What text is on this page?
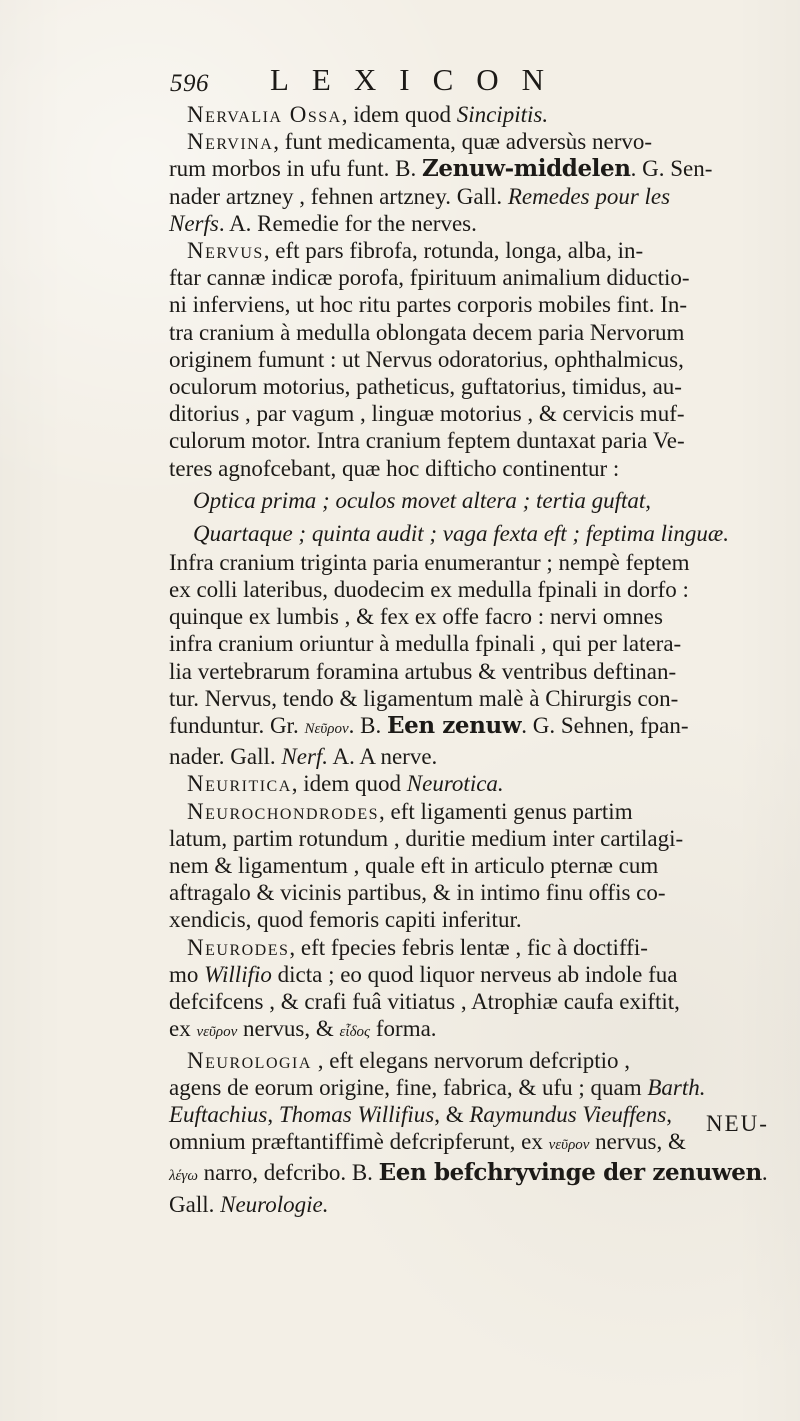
596 LEXICON

Nervalia Ossa, idem quod Sincipitis.

Nervina, funt medicamenta, quæ adversùs nervo-

rum morbos in ufu funt. B. Zenuw-middelen. G. Sen-

nader artzney , fehnen artzney. Gall. Remedes pour les

Nerfs. A. Remedie for the nerves.

Nervus, eft pars fibrofa, rotunda, longa, alba, in-

ftar cannæ indicæ porofa, fpirituum animalium diductio-

ni inferviens, ut hoc ritu partes corporis mobiles fint. In-

tra cranium à medulla oblongata decem paria Nervorum

originem fumunt : ut Nervus odoratorius, ophthalmicus,

oculorum motorius, patheticus, guftatorius, timidus, au-

ditorius , par vagum , linguæ motorius , & cervicis muf-

culorum motor. Intra cranium feptem duntaxat paria Ve-

teres agnofcebant, quæ hoc difticho continentur :

Optica prima ; oculos movet altera ; tertia guftat,

Quartaque ; quinta audit ; vaga fexta eft ; feptima linguæ.

Infra cranium triginta paria enumerantur ; nempè feptem

ex colli lateribus, duodecim ex medulla fpinali in dorfo :

quinque ex lumbis , & fex ex offe facro : nervi omnes

infra cranium oriuntur à medulla fpinali , qui per latera-

lia vertebrarum foramina artubus & ventribus deftinan-

tur. Nervus, tendo & ligamentum malè à Chirurgis con-

funduntur. Gr. Νεῦρον. B. Een zenuw. G. Sehnen, fpan-

nader. Gall. Nerf. A. A nerve.

Neuritica, idem quod Neurotica.

Neurochondrodes, eft ligamenti genus partim

latum, partim rotundum , duritie medium inter cartilagi-

nem & ligamentum , quale eft in articulo pternæ cum

aftragalo & vicinis partibus, & in intimo finu offis co-

xendicis, quod femoris capiti inferitur.

Neurodes, eft fpecies febris lentæ , fic à doctiffi-

mo Willifio dicta ; eo quod liquor nerveus ab indole fua

defcifcens , & crafi fuâ vitiatus , Atrophiæ caufa exiftit,

ex νεῦρον nervus, & εἶδος forma.

Neurologia , eft elegans nervorum defcriptio ,

agens de eorum origine, fine, fabrica, & ufu ; quam Barth.

Euftachius, Thomas Willifius, & Raymundus Vieuffens,

omnium præftantiffimè defcripferunt, ex νεῦρον nervus, &

λέγω narro, defcribo. B. Een befchryvinge der zenuwen.

Gall. Neurologie.

NEU-
